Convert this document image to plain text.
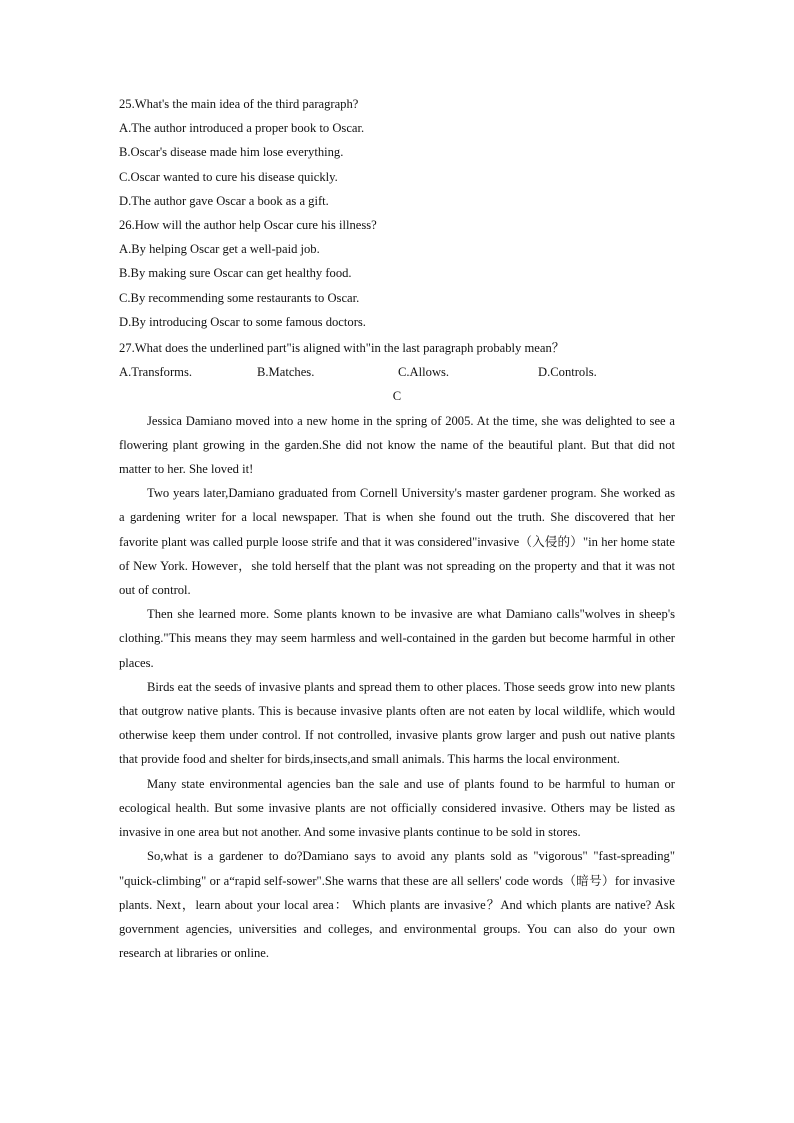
25.What's the main idea of the third paragraph?
A.The author introduced a proper book to Oscar.
B.Oscar's disease made him lose everything.
C.Oscar wanted to cure his disease quickly.
D.The author gave Oscar a book as a gift.
26.How will the author help Oscar cure his illness?
A.By helping Oscar get a well-paid job.
B.By making sure Oscar can get healthy food.
C.By recommending some restaurants to Oscar.
D.By introducing Oscar to some famous doctors.
27.What does the underlined part"is aligned with"in the last paragraph probably mean？
A.Transforms.	B.Matches.	C.Allows.	D.Controls.
C

Jessica Damiano moved into a new home in the spring of 2005. At the time, she was delighted to see a flowering plant growing in the garden.She did not know the name of the beautiful plant. But that did not matter to her. She loved it!

Two years later,Damiano graduated from Cornell University's master gardener program. She worked as a gardening writer for a local newspaper. That is when she found out the truth. She discovered that her favorite plant was called purple loose strife and that it was considered"invasive（入侵的）"in her home state of New York. However，she told herself that the plant was not spreading on the property and that it was not out of control.

Then she learned more. Some plants known to be invasive are what Damiano calls"wolves in sheep's clothing."This means they may seem harmless and well-contained in the garden but become harmful in other places.

Birds eat the seeds of invasive plants and spread them to other places. Those seeds grow into new plants that outgrow native plants. This is because invasive plants often are not eaten by local wildlife, which would otherwise keep them under control. If not controlled, invasive plants grow larger and push out native plants that provide food and shelter for birds,insects,and small animals. This harms the local environment.

Many state environmental agencies ban the sale and use of plants found to be harmful to human or ecological health. But some invasive plants are not officially considered invasive. Others may be listed as invasive in one area but not another. And some invasive plants continue to be sold in stores.

So,what is a gardener to do?Damiano says to avoid any plants sold as "vigorous" "fast-spreading" "quick-climbing" or a“rapid self-sower".She warns that these are all sellers' code words（暗号）for invasive plants. Next，learn about your local area： Which plants are invasive？And which plants are native? Ask government agencies, universities and colleges, and environmental groups. You can also do your own research at libraries or online.
